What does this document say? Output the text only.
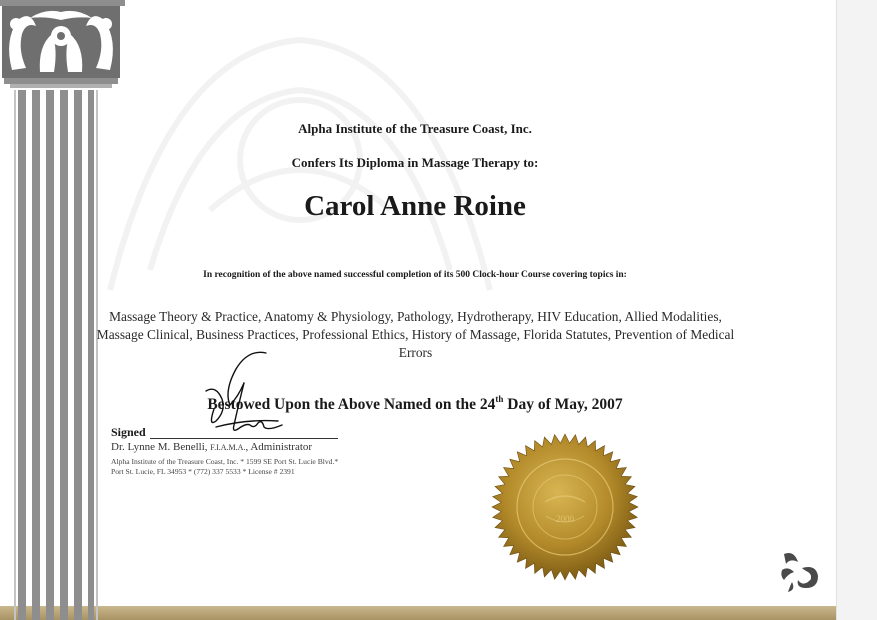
Alpha Institute of the Treasure Coast, Inc.

Confers Its Diploma in Massage Therapy to:

Carol Anne Roine

In recognition of the above named successful completion of its 500 Clock-hour Course covering topics in:

Massage Theory & Practice, Anatomy & Physiology, Pathology, Hydrotherapy, HIV Education, Allied Modalities, Massage Clinical, Business Practices, Professional Ethics, History of Massage, Florida Statutes, Prevention of Medical Errors

Bestowed Upon the Above Named on the 24th Day of May, 2007

Signed

Dr. Lynne M. Benelli, F.I.A.M.A., Administrator

Alpha Institute of the Treasure Coast, Inc. * 1599 SE Port St. Lucie Blvd.*

Port St. Lucie, FL 34953 * (772) 337 5533 * License # 2391

2000
